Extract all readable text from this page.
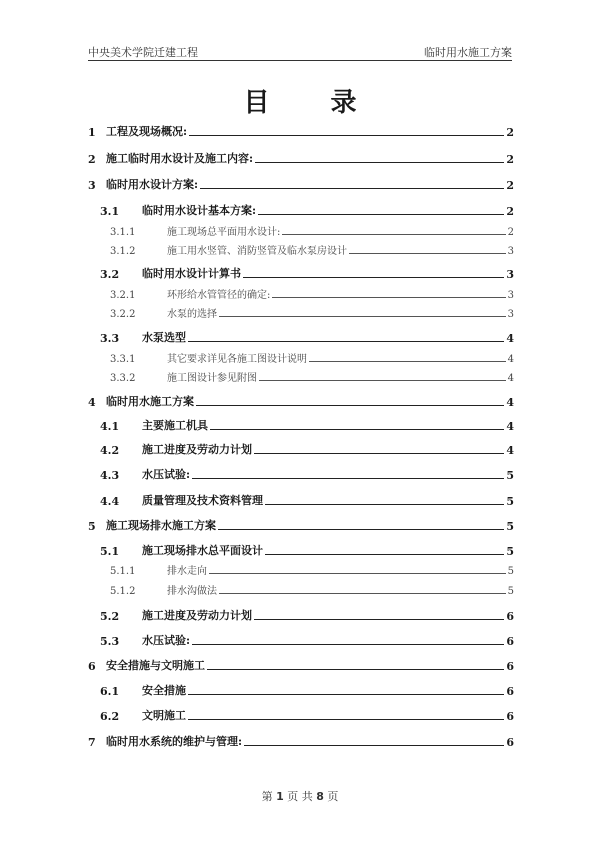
中央美术学院迁建工程	临时用水施工方案
目 录
1 工程及现场概况:	2
2 施工临时用水设计及施工内容:	2
3 临时用水设计方案:	2
3.1	临时用水设计基本方案:	2
3.1.1	施工现场总平面用水设计:	2
3.1.2	施工用水竖管、消防竖管及临水泵房设计	3
3.2	临时用水设计计算书	3
3.2.1	环形给水管管径的确定:	3
3.2.2	水泵的选择	3
3.3	水泵选型	4
3.3.1	其它要求详见各施工图设计说明	4
3.3.2	施工图设计参见附图	4
4 临时用水施工方案	4
4.1	主要施工机具	4
4.2	施工进度及劳动力计划	4
4.3	水压试验:	5
4.4	质量管理及技术资料管理	5
5 施工现场排水施工方案	5
5.1	施工现场排水总平面设计	5
5.1.1	排水走向	5
5.1.2	排水沟做法	5
5.2	施工进度及劳动力计划	6
5.3	水压试验:	6
6 安全措施与文明施工	6
6.1	安全措施	6
6.2	文明施工	6
7 临时用水系统的维护与管理:	6
第 1 页 共 8 页
